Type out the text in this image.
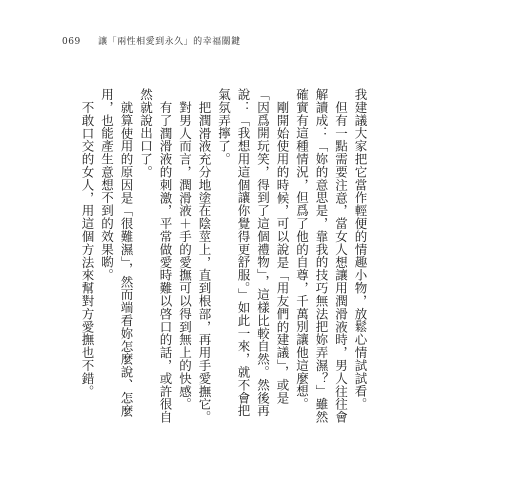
069 讓「兩性相愛到永久」的幸福關鍵

我建議大家把它當作輕便的情趣小物，放鬆心情試試看。

但有一點需要注意，當女人想讓用潤滑液時，男人往往會解讀成：「妳的意思是，靠我的技巧無法把妳弄濕？」雖然確實有這種情況，但爲了他的自尊，千萬別讓他這麼想。

剛開始使用的時候，可以說是「用友們的建議」，或是「因爲開玩笑，得到了這個禮物」，這樣比較自然。然後再說：「我想用這個讓你覺得更舒服。」如此一來，就不會把氣氛弄擰了。

把潤滑液充分地塗在陰莖上，直到根部，再用手愛撫它。

對男人而言，潤滑液＋手的愛撫可以得到無上的快感。

有了潤滑液的刺激，平常做愛時難以啓口的話，或許很自然就說出口了。

就算使用的原因是「很難濕」，然而端看妳怎麼說、怎麼用，也能產生意想不到的效果喲。

不敢口交的女人，用這個方法來幫對方愛撫也不錯。
